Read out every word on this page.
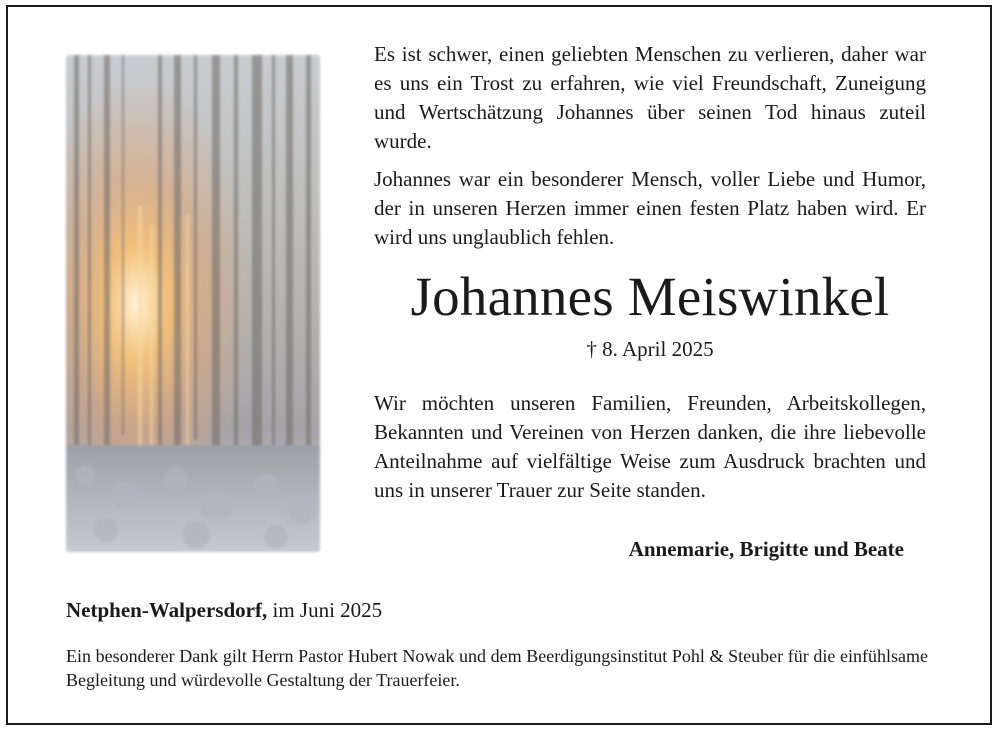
Es ist schwer, einen geliebten Menschen zu verlieren, daher war es uns ein Trost zu erfahren, wie viel Freundschaft, Zuneigung und Wertschätzung Johannes über seinen Tod hinaus zuteil wurde.

Johannes war ein besonderer Mensch, voller Liebe und Humor, der in unseren Herzen immer einen festen Platz haben wird. Er wird uns unglaublich fehlen.

Johannes Meiswinkel

† 8. April 2025

Wir möchten unseren Familien, Freunden, Arbeitskollegen, Bekannten und Vereinen von Herzen danken, die ihre liebevolle Anteilnahme auf vielfältige Weise zum Ausdruck brachten und uns in unserer Trauer zur Seite standen.

Annemarie, Brigitte und Beate

Netphen-Walpersdorf, im Juni 2025

Ein besonderer Dank gilt Herrn Pastor Hubert Nowak und dem Beerdigungsinstitut Pohl & Steuber für die einfühlsame Begleitung und würdevolle Gestaltung der Trauerfeier.
